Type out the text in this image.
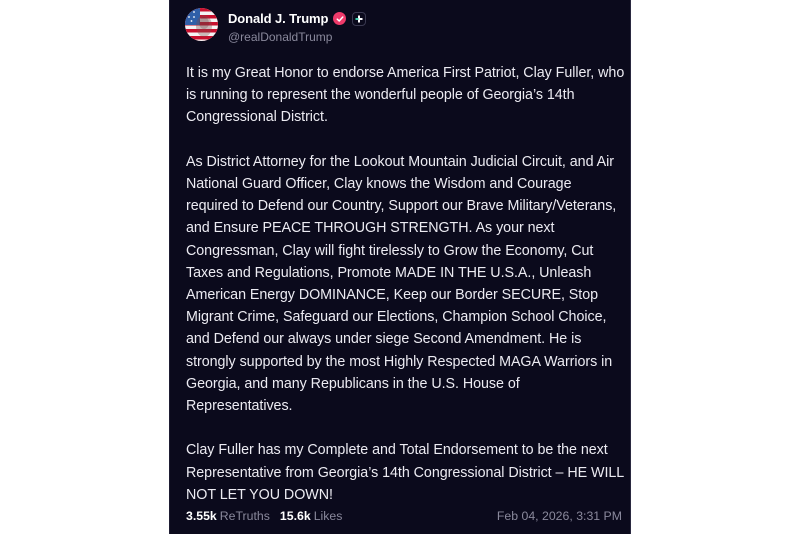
Donald J. Trump
@realDonaldTrump

It is my Great Honor to endorse America First Patriot, Clay Fuller, who is running to represent the wonderful people of Georgia’s 14th Congressional District.

As District Attorney for the Lookout Mountain Judicial Circuit, and Air National Guard Officer, Clay knows the Wisdom and Courage required to Defend our Country, Support our Brave Military/Veterans, and Ensure PEACE THROUGH STRENGTH. As your next Congressman, Clay will fight tirelessly to Grow the Economy, Cut Taxes and Regulations, Promote MADE IN THE U.S.A., Unleash American Energy DOMINANCE, Keep our Border SECURE, Stop Migrant Crime, Safeguard our Elections, Champion School Choice, and Defend our always under siege Second Amendment. He is strongly supported by the most Highly Respected MAGA Warriors in Georgia, and many Republicans in the U.S. House of Representatives.

Clay Fuller has my Complete and Total Endorsement to be the next Representative from Georgia’s 14th Congressional District – HE WILL NOT LET YOU DOWN!

3.55k ReTruths 15.6k Likes	Feb 04, 2026, 3:31 PM
